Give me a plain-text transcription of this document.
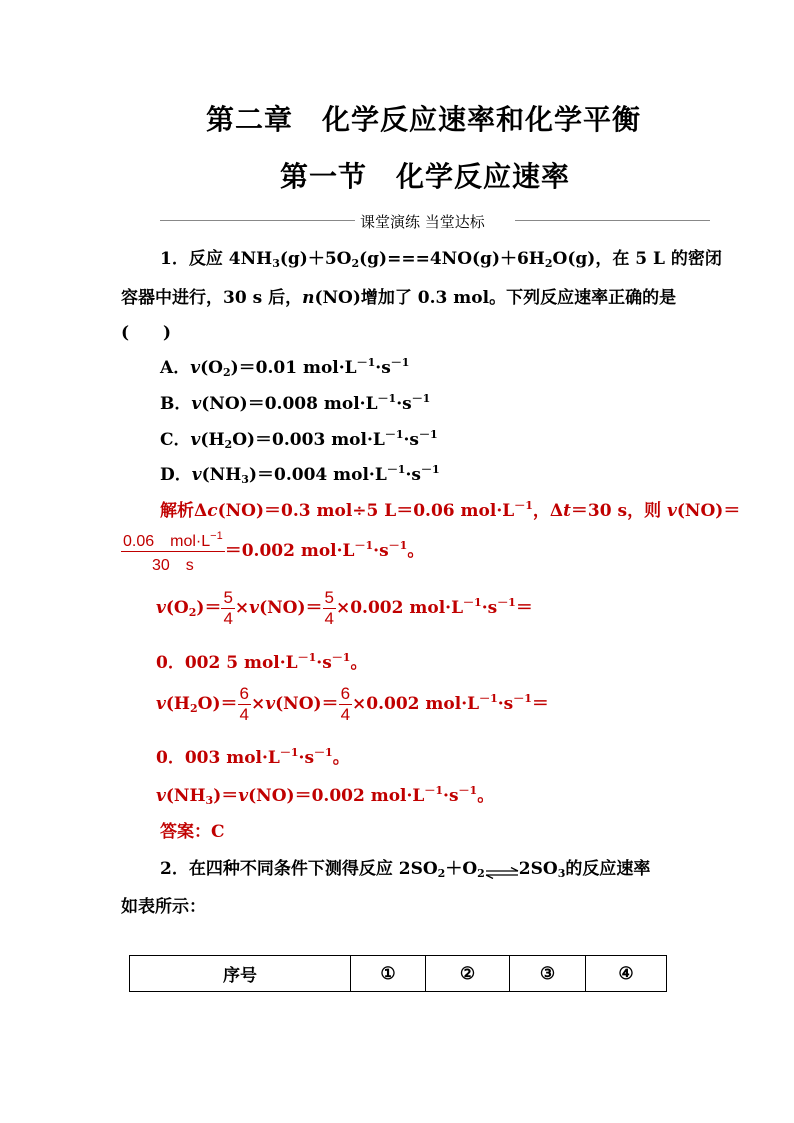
第二章　化学反应速率和化学平衡
第一节　化学反应速率
课堂演练 当堂达标
1．反应 $4NH_3(g)+5O_2(g)===4NO(g)+6H_2O(g)$，在 5 L 的密闭
容器中进行，30 s 后，n(NO)增加了 0.3 mol。下列反应速率正确的是
(　　)
A．$v(O_2)=0.01$ $mol\cdot L^{-1}\cdot s^{-1}$
B．v(NO)＝0.008 $mol\cdot L^{-1}\cdot s^{-1}$
C．$v(H_2O)=0.003$ $mol\cdot L^{-1}\cdot s^{-1}$
D．$v(NH_3)=0.004$ $mol\cdot L^{-1}\cdot s^{-1}$
解析Δc(NO)＝0.3 mol÷5 L＝0.06 $mol\cdot L^{-1}$，Δt＝30 s，则 v(NO)＝
$\frac{0.06 mol\cdot L^{-1}}{30 s} =0.002$ $mol\cdot L^{-1}\cdot s^{-1}$。
$v(O_2)= \frac{5}{4} \times v(NO)= \frac{5}{4} \times 0.002$ $mol\cdot L^{-1}\cdot s^{-1}=$
0．002 5 $mol\cdot L^{-1}\cdot s^{-1}$。
$v(H_2O)= \frac{6}{4} \times v(NO)= \frac{6}{4} \times 0.002$ $mol\cdot L^{-1}\cdot s^{-1}=$
0．003 $mol\cdot L^{-1}\cdot s^{-1}$。
$v(NH_3)=v(NO)=0.002$ $mol\cdot L^{-1}\cdot s^{-1}$。
答案：C
2．在四种不同条件下测得反应 $2SO_2+O_2\rightleftharpoons 2SO_3$的反应速率
如表所示：
序号	①	②	③	④
